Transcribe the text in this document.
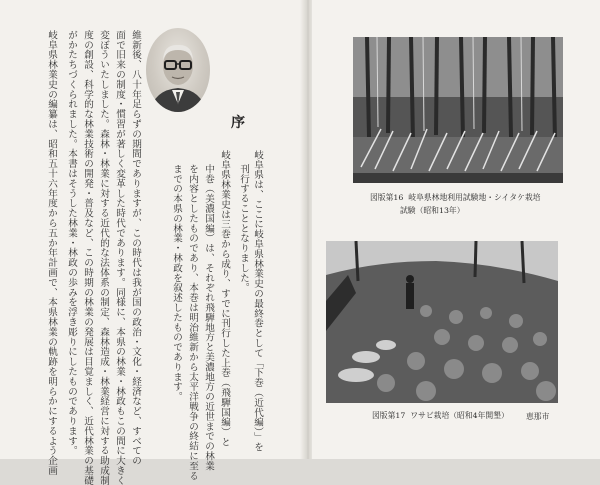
序
岐阜県は、ここに岐阜県林業史の最終巻として「下巻（近代編）」を
刊行することとなりました。
岐阜県林業史は三巻から成り、すでに刊行した上巻（飛騨国編）と
中巻（美濃国編）は、それぞれ飛騨地方と美濃地方の近世までの林業
を内容としたものであり、本巻は明治維新から太平洋戦争の終結に至る
までの本県の林業・林政を叙述したものであります。
維新後、八十年足らずの期間でありますが、この時代は我が国の政治・文化・経済など、すべての
面で旧来の制度・慣習が著しく変革した時代であります。同様に、本県の林業・林政もこの間に大きく
変ぼういたしました。森林・林業に対する近代的な法体系の制定、森林造成・林業経営に対する助成制
度の創設、科学的な林業技術の開発・普及など、この時期の林業の発展は目覚ましく、近代林業の基礎
がかたちづくられました。本書はそうした林業・林政の歩みを浮き彫りにしたものであります。
岐阜県林業史の編纂は、昭和五十六年度から五か年計画で、本県林業の軌跡を明らかにするよう企画	図版第16 岐阜県林地利用試験地・シイタケ栽培
試験（昭和13年）
図版第17 ワサビ栽培（昭和4年開墾） 恵那市
